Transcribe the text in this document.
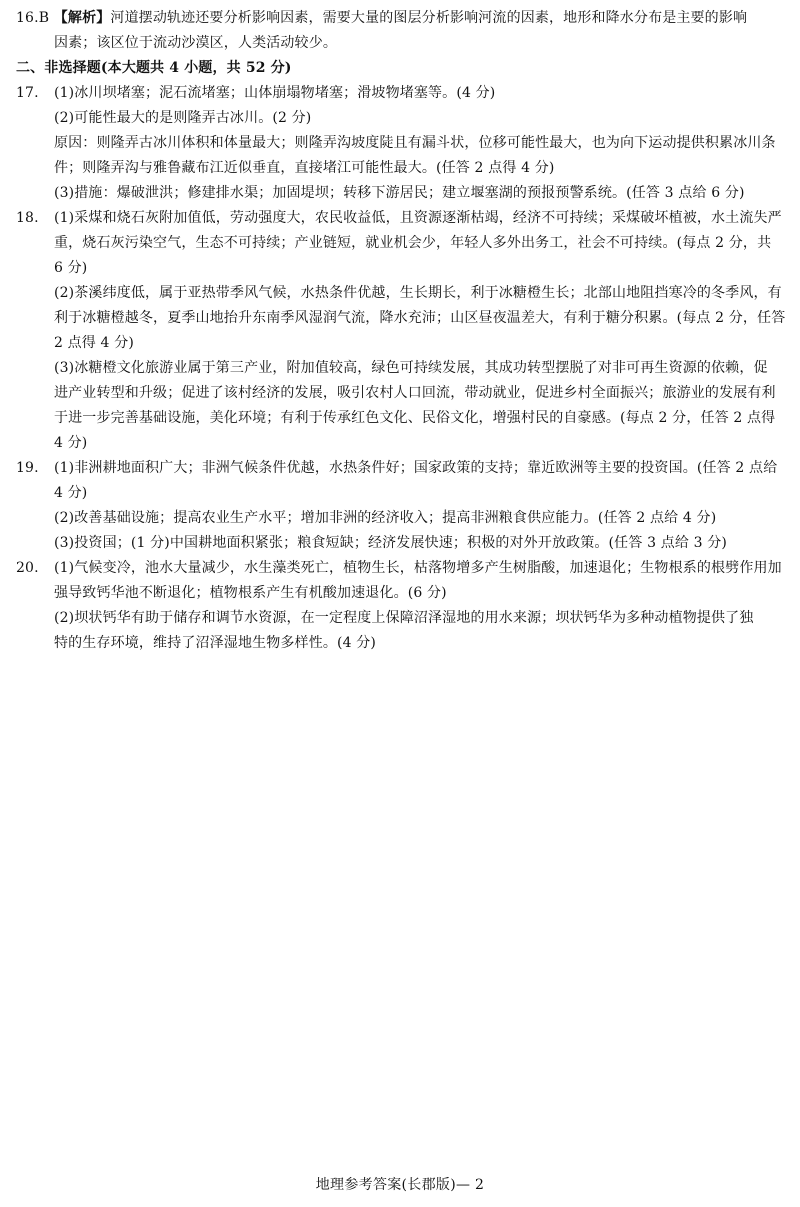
16.B 【解析】河道摆动轨迹还要分析影响因素，需要大量的图层分析影响河流的因素，地形和降水分布是主要的影响
因素；该区位于流动沙漠区，人类活动较少。
二、非选择题(本大题共 4 小题，共 52 分)
17. (1)冰川坝堵塞；泥石流堵塞；山体崩塌物堵塞；滑坡物堵塞等。(4 分)
(2)可能性最大的是则隆弄古冰川。(2 分)
原因：则隆弄古冰川体积和体量最大；则隆弄沟坡度陡且有漏斗状，位移可能性最大，也为向下运动提供积累冰川条
件；则隆弄沟与雅鲁藏布江近似垂直，直接堵江可能性最大。(任答 2 点得 4 分)
(3)措施：爆破泄洪；修建排水渠；加固堤坝；转移下游居民；建立堰塞湖的预报预警系统。(任答 3 点给 6 分)
18. (1)采煤和烧石灰附加值低，劳动强度大，农民收益低，且资源逐渐枯竭，经济不可持续；采煤破坏植被，水土流失严
重，烧石灰污染空气，生态不可持续；产业链短，就业机会少，年轻人多外出务工，社会不可持续。(每点 2 分，共
6 分)
(2)茶溪纬度低，属于亚热带季风气候，水热条件优越，生长期长，利于冰糖橙生长；北部山地阻挡寒冷的冬季风，有
利于冰糖橙越冬，夏季山地抬升东南季风湿润气流，降水充沛；山区昼夜温差大，有利于糖分积累。(每点 2 分，任答
2 点得 4 分)
(3)冰糖橙文化旅游业属于第三产业，附加值较高，绿色可持续发展，其成功转型摆脱了对非可再生资源的依赖，促
进产业转型和升级；促进了该村经济的发展，吸引农村人口回流，带动就业，促进乡村全面振兴；旅游业的发展有利
于进一步完善基础设施，美化环境；有利于传承红色文化、民俗文化，增强村民的自豪感。(每点 2 分，任答 2 点得
4 分)
19. (1)非洲耕地面积广大；非洲气候条件优越，水热条件好；国家政策的支持；靠近欧洲等主要的投资国。(任答 2 点给
4 分)
(2)改善基础设施；提高农业生产水平；增加非洲的经济收入；提高非洲粮食供应能力。(任答 2 点给 4 分)
(3)投资国；(1 分)中国耕地面积紧张；粮食短缺；经济发展快速；积极的对外开放政策。(任答 3 点给 3 分)
20. (1)气候变冷，池水大量减少，水生藻类死亡，植物生长，枯落物增多产生树脂酸，加速退化；生物根系的根劈作用加
强导致钙华池不断退化；植物根系产生有机酸加速退化。(6 分)
(2)坝状钙华有助于储存和调节水资源，在一定程度上保障沼泽湿地的用水来源；坝状钙华为多种动植物提供了独
特的生存环境，维持了沼泽湿地生物多样性。(4 分)
地理参考答案(长郡版)— 2
